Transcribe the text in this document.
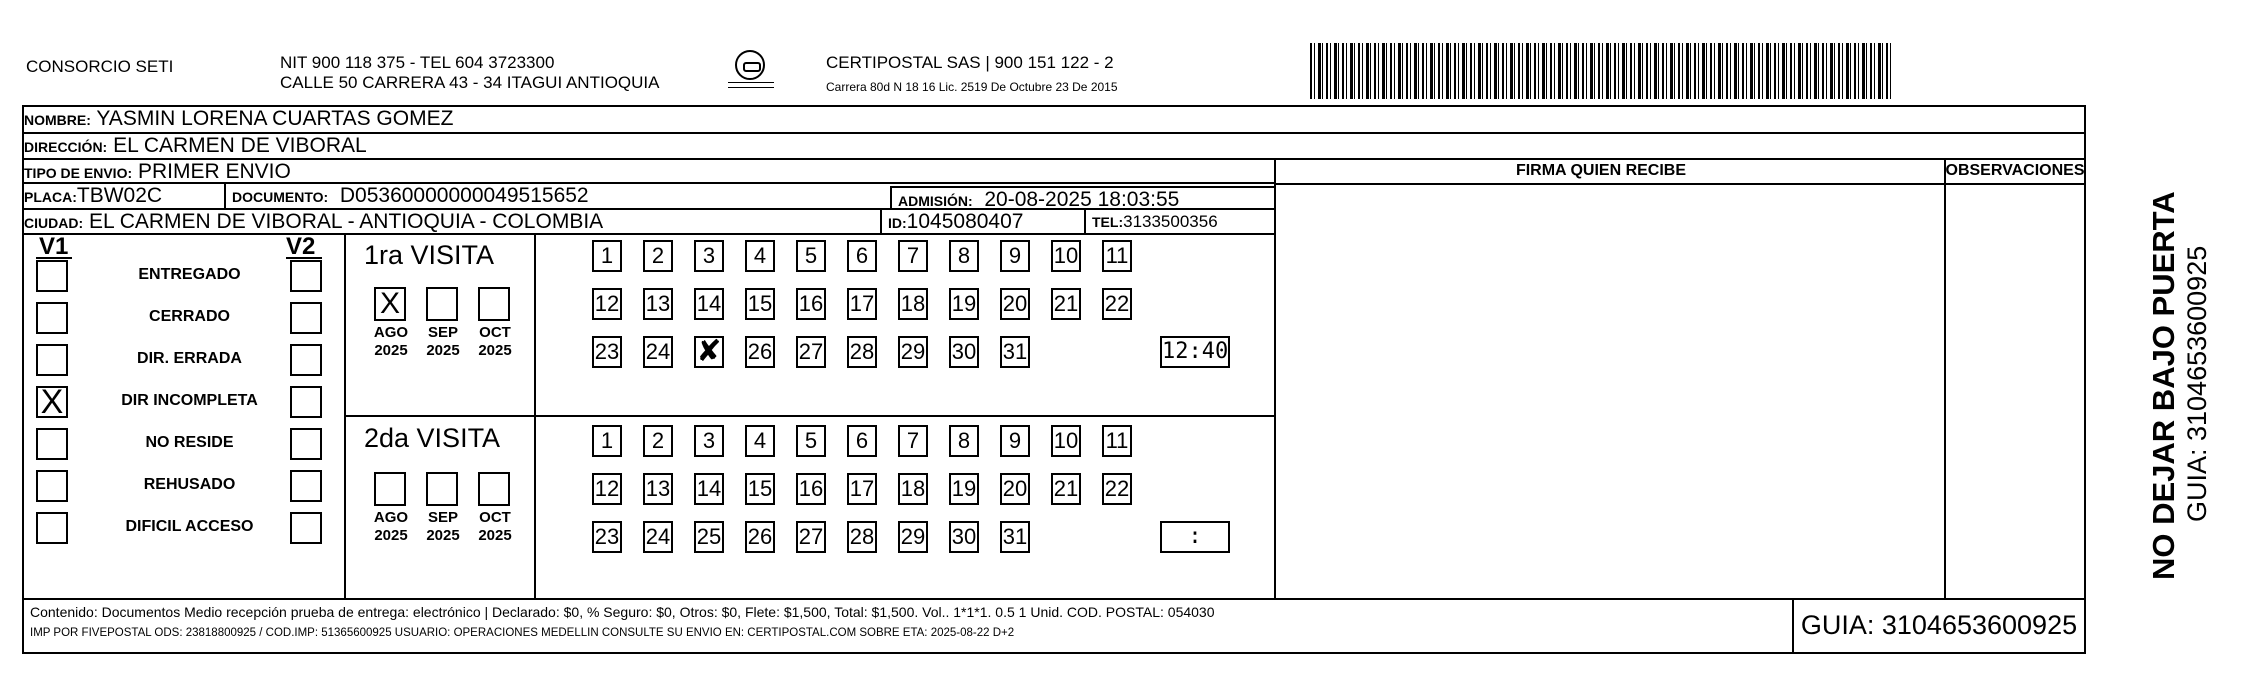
CONSORCIO SETI	NIT 900 118 375 - TEL 604 3723300
CALLE 50 CARRERA 43 - 34 ITAGUI ANTIOQUIA
CERTIPOSTAL SAS | 900 151 122 - 2
Carrera 80d N 18 16 Lic. 2519 De Octubre 23 De 2015
NOMBRE: YASMIN LORENA CUARTAS GOMEZ
DIRECCIÓN: EL CARMEN DE VIBORAL
FIRMA QUIEN RECIBE	OBSERVACIONES
TIPO DE ENVIO: PRIMER ENVIO
PLACA:TBW02C	DOCUMENTO: D05360000000049515652	ADMISIÓN: 20-08-2025 18:03:55
CIUDAD: EL CARMEN DE VIBORAL - ANTIOQUIA - COLOMBIA	ID:1045080407	TEL:3133500356
V1	V2
ENTREGADO
CERRADO
DIR. ERRADA
X	DIR INCOMPLETA
NO RESIDE
REHUSADO
DIFICIL ACCESO
1ra VISITA
2da VISITA
X
AGO
2025
SEP
2025
OCT
2025
AGO
2025
SEP
2025
OCT
2025
1	2	3	4	5	6	7	8	9	10 11
12 13 14 15 16 17 18 19 20 21 22
23 24 ✘ 26 27 28 29 30 31	12:40
1	2	3	4	5	6	7	8	9	10 11
12 13 14 15 16 17 18 19 20 21 22
23 24 25 26 27 28 29 30 31	:
Contenido: Documentos Medio recepción prueba de entrega: electrónico | Declarado: $0, % Seguro: $0, Otros: $0, Flete: $1,500, Total: $1,500. Vol.. 1*1*1. 0.5 1 Unid. COD. POSTAL: 054030
IMP POR FIVEPOSTAL ODS: 23818800925 / COD.IMP: 51365600925 USUARIO: OPERACIONES MEDELLIN CONSULTE SU ENVIO EN: CERTIPOSTAL.COM SOBRE ETA: 2025-08-22 D+2	GUIA: 3104653600925
NO DEJAR BAJO PUERTA GUIA: 3104653600925
